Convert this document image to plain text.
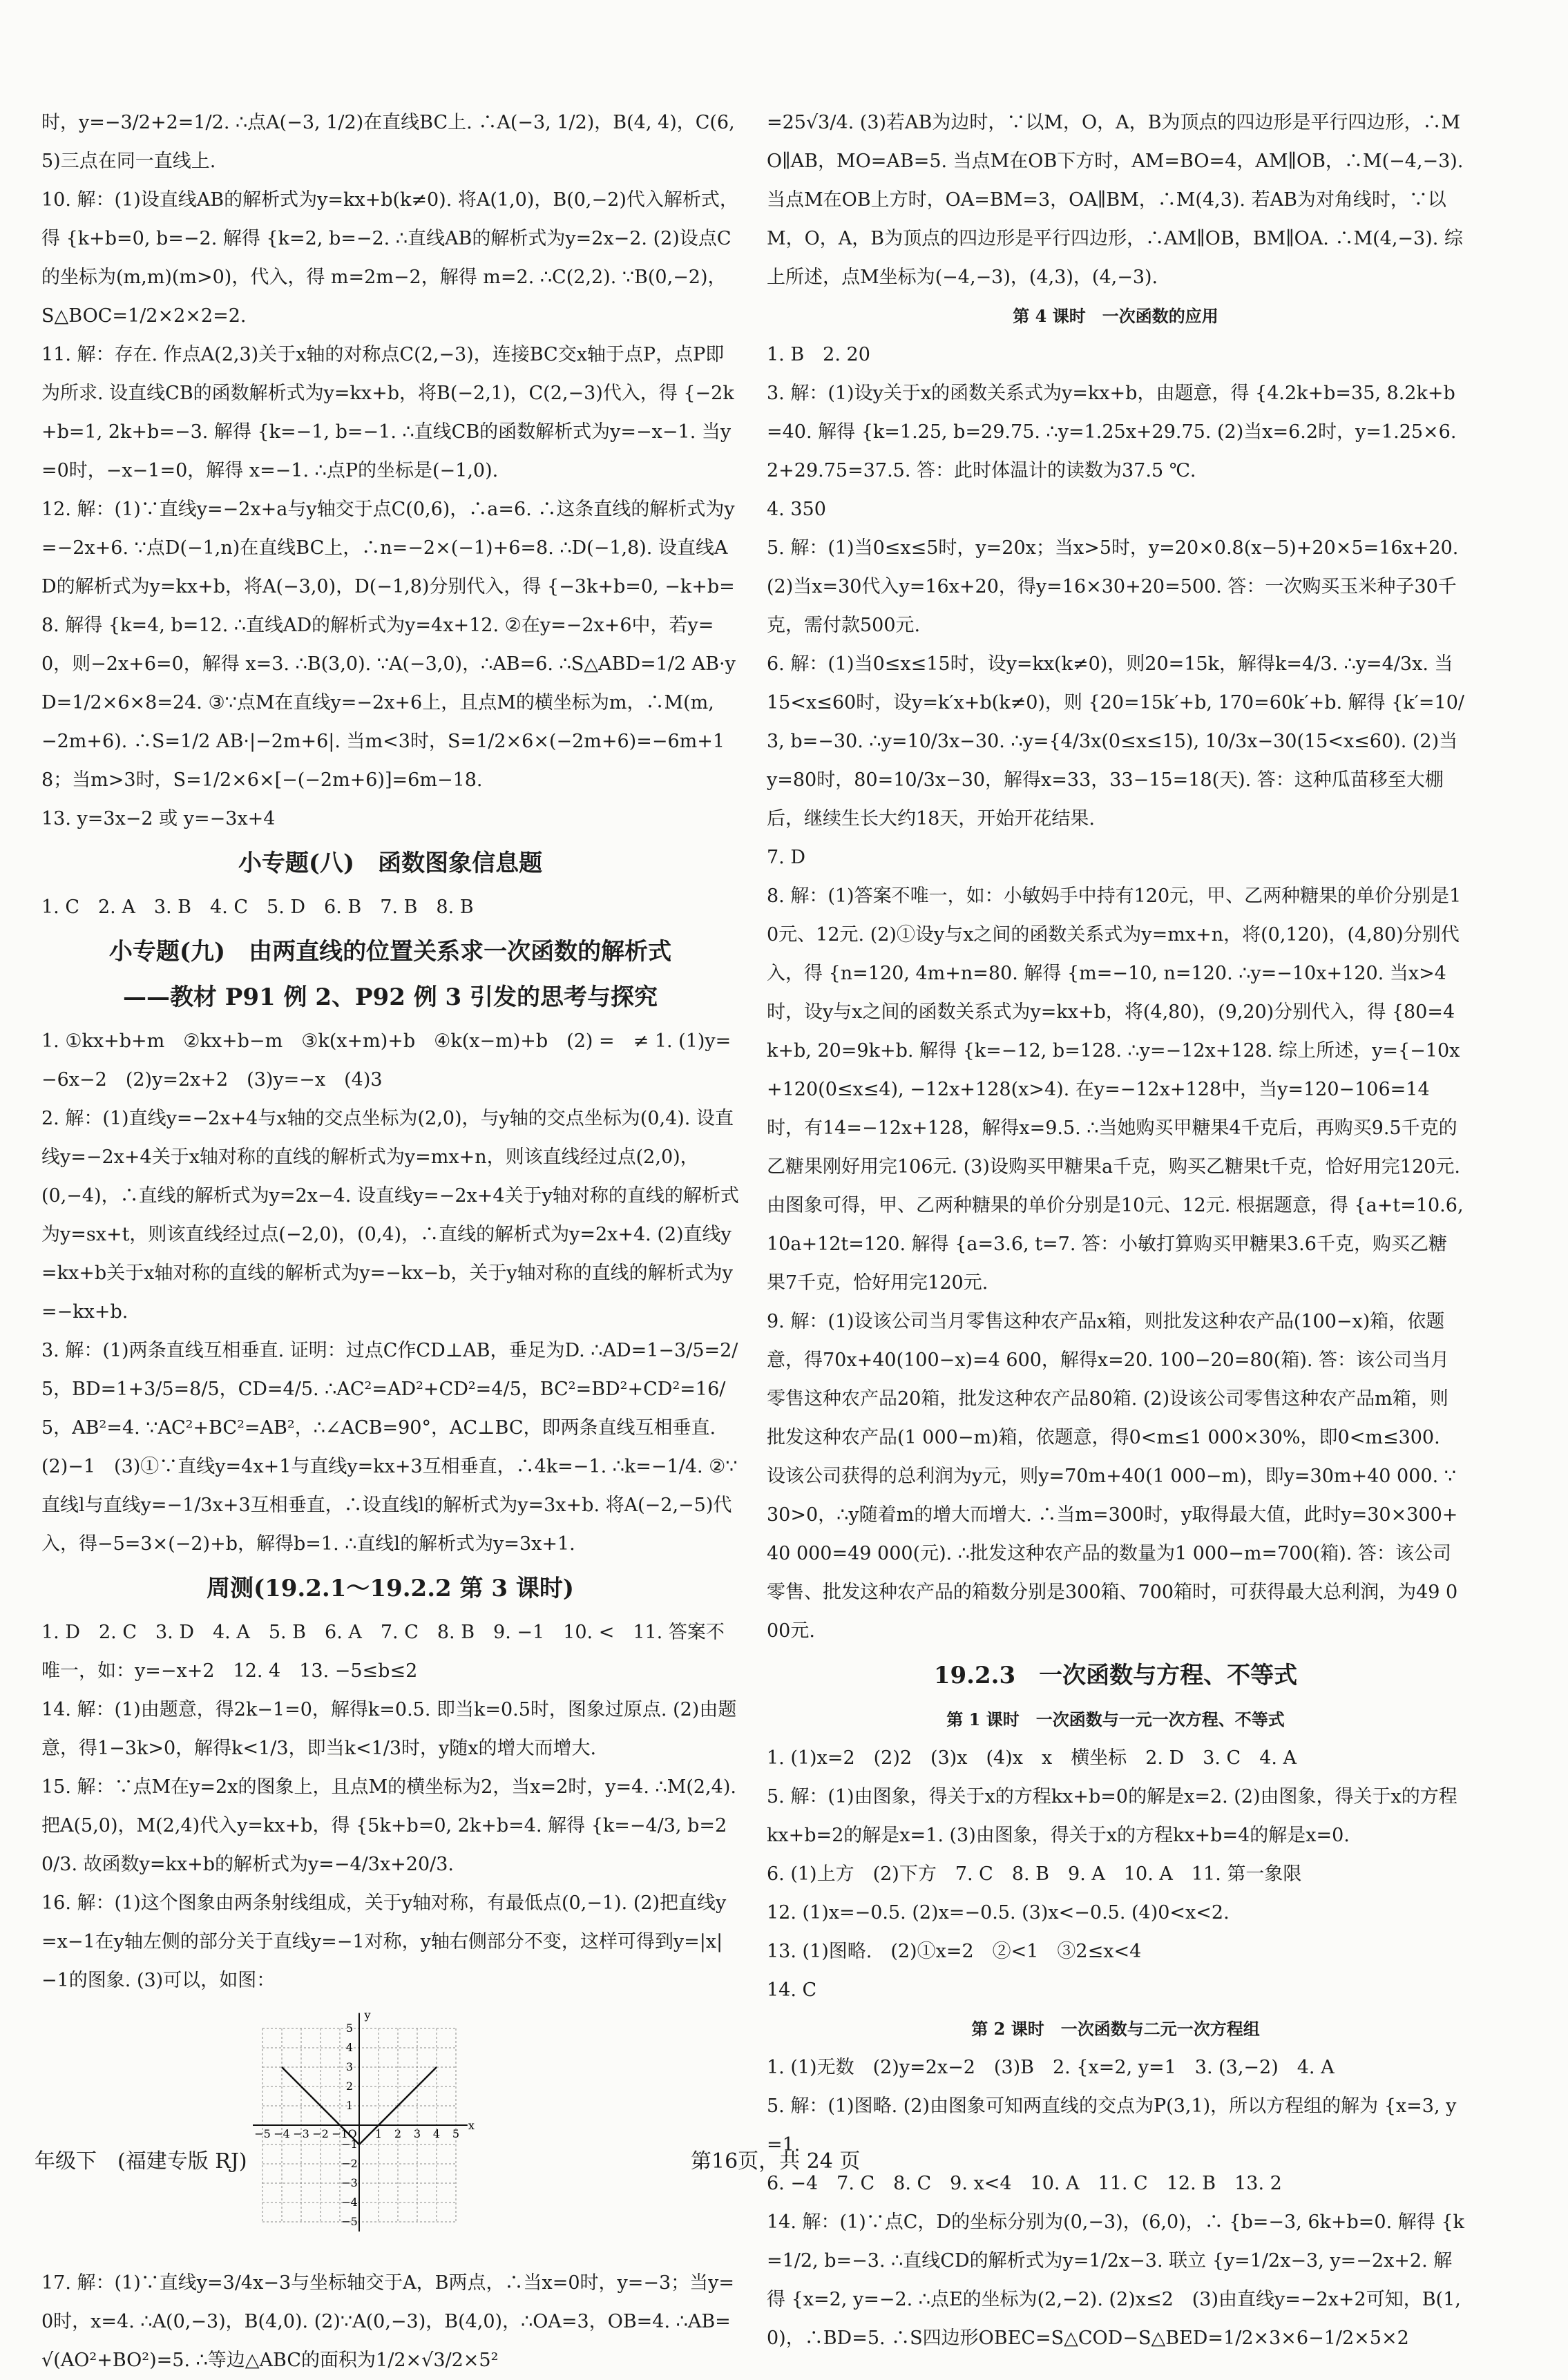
时，y=−3/2+2=1/2. ∴点A(−3, 1/2)在直线BC上. ∴A(−3, 1/2)，B(4, 4)，C(6,5)三点在同一直线上.
10. 解：(1)设直线AB的解析式为y=kx+b(k≠0). 将A(1,0)，B(0,−2)代入解析式，得 {k+b=0, b=−2. 解得 {k=2, b=−2. ∴直线AB的解析式为y=2x−2. (2)设点C的坐标为(m,m)(m>0)，代入，得 m=2m−2，解得 m=2. ∴C(2,2). ∵B(0,−2)，S△BOC=1/2×2×2=2.
11. 解：存在. 作点A(2,3)关于x轴的对称点C(2,−3)，连接BC交x轴于点P，点P即为所求. 设直线CB的函数解析式为y=kx+b，将B(−2,1)，C(2,−3)代入，得 {−2k+b=1, 2k+b=−3. 解得 {k=−1, b=−1. ∴直线CB的函数解析式为y=−x−1. 当y=0时，−x−1=0，解得 x=−1. ∴点P的坐标是(−1,0).
12. 解：(1)∵直线y=−2x+a与y轴交于点C(0,6)，∴a=6. ∴这条直线的解析式为y=−2x+6. ∵点D(−1,n)在直线BC上，∴n=−2×(−1)+6=8. ∴D(−1,8). 设直线AD的解析式为y=kx+b，将A(−3,0)，D(−1,8)分别代入，得 {−3k+b=0, −k+b=8. 解得 {k=4, b=12. ∴直线AD的解析式为y=4x+12. ②在y=−2x+6中，若y=0，则−2x+6=0，解得 x=3. ∴B(3,0). ∵A(−3,0)，∴AB=6. ∴S△ABD=1/2 AB·yD=1/2×6×8=24. ③∵点M在直线y=−2x+6上，且点M的横坐标为m，∴M(m,−2m+6). ∴S=1/2 AB·|−2m+6|. 当m<3时，S=1/2×6×(−2m+6)=−6m+18；当m>3时，S=1/2×6×[−(−2m+6)]=6m−18.
13. y=3x−2 或 y=−3x+4
小专题(八)　函数图象信息题
1. C　2. A　3. B　4. C　5. D　6. B　7. B　8. B
小专题(九)　由两直线的位置关系求一次函数的解析式
——教材 P91 例 2、P92 例 3 引发的思考与探究
1. ①kx+b+m　②kx+b−m　③k(x+m)+b　④k(x−m)+b　(2) =　≠ 1. (1)y=−6x−2　(2)y=2x+2　(3)y=−x　(4)3
2. 解：(1)直线y=−2x+4与x轴的交点坐标为(2,0)，与y轴的交点坐标为(0,4). 设直线y=−2x+4关于x轴对称的直线的解析式为y=mx+n，则该直线经过点(2,0)，(0,−4)，∴直线的解析式为y=2x−4. 设直线y=−2x+4关于y轴对称的直线的解析式为y=sx+t，则该直线经过点(−2,0)，(0,4)，∴直线的解析式为y=2x+4. (2)直线y=kx+b关于x轴对称的直线的解析式为y=−kx−b，关于y轴对称的直线的解析式为y=−kx+b.
3. 解：(1)两条直线互相垂直. 证明：过点C作CD⊥AB，垂足为D. ∴AD=1−3/5=2/5，BD=1+3/5=8/5，CD=4/5. ∴AC²=AD²+CD²=4/5，BC²=BD²+CD²=16/5，AB²=4. ∵AC²+BC²=AB²，∴∠ACB=90°，AC⊥BC，即两条直线互相垂直. (2)−1　(3)①∵直线y=4x+1与直线y=kx+3互相垂直，∴4k=−1. ∴k=−1/4. ②∵直线l与直线y=−1/3x+3互相垂直，∴设直线l的解析式为y=3x+b. 将A(−2,−5)代入，得−5=3×(−2)+b，解得b=1. ∴直线l的解析式为y=3x+1.
周测(19.2.1～19.2.2 第 3 课时)
1. D　2. C　3. D　4. A　5. B　6. A　7. C　8. B　9. −1　10. <　11. 答案不唯一，如：y=−x+2　12. 4　13. −5≤b≤2
14. 解：(1)由题意，得2k−1=0，解得k=0.5. 即当k=0.5时，图象过原点. (2)由题意，得1−3k>0，解得k<1/3，即当k<1/3时，y随x的增大而增大.
15. 解：∵点M在y=2x的图象上，且点M的横坐标为2，当x=2时，y=4. ∴M(2,4). 把A(5,0)，M(2,4)代入y=kx+b，得 {5k+b=0, 2k+b=4. 解得 {k=−4/3, b=20/3. 故函数y=kx+b的解析式为y=−4/3x+20/3.
16. 解：(1)这个图象由两条射线组成，关于y轴对称，有最低点(0,−1). (2)把直线y=x−1在y轴左侧的部分关于直线y=−1对称，y轴右侧部分不变，这样可得到y=|x|−1的图象. (3)可以，如图：
−5 −4 −3 −2 −1 O 1 2 3 4 5
5
4
3
2
1
−1
−2
−3
−4
−5
x
y
17. 解：(1)∵直线y=3/4x−3与坐标轴交于A，B两点，∴当x=0时，y=−3；当y=0时，x=4. ∴A(0,−3)，B(4,0). (2)∵A(0,−3)，B(4,0)，∴OA=3，OB=4. ∴AB=√(AO²+BO²)=5. ∴等边△ABC的面积为1/2×√3/2×5²
=25√3/4. (3)若AB为边时，∵以M，O，A，B为顶点的四边形是平行四边形，∴MO∥AB，MO=AB=5. 当点M在OB下方时，AM=BO=4，AM∥OB，∴M(−4,−3). 当点M在OB上方时，OA=BM=3，OA∥BM，∴M(4,3). 若AB为对角线时，∵以M，O，A，B为顶点的四边形是平行四边形，∴AM∥OB，BM∥OA. ∴M(4,−3). 综上所述，点M坐标为(−4,−3)，(4,3)，(4,−3).
第 4 课时　一次函数的应用
1. B　2. 20
3. 解：(1)设y关于x的函数关系式为y=kx+b，由题意，得 {4.2k+b=35, 8.2k+b=40. 解得 {k=1.25, b=29.75. ∴y=1.25x+29.75. (2)当x=6.2时，y=1.25×6.2+29.75=37.5. 答：此时体温计的读数为37.5 ℃.
4. 350
5. 解：(1)当0≤x≤5时，y=20x；当x>5时，y=20×0.8(x−5)+20×5=16x+20. (2)当x=30代入y=16x+20，得y=16×30+20=500. 答：一次购买玉米种子30千克，需付款500元.
6. 解：(1)当0≤x≤15时，设y=kx(k≠0)，则20=15k，解得k=4/3. ∴y=4/3x. 当15<x≤60时，设y=k′x+b(k≠0)，则 {20=15k′+b, 170=60k′+b. 解得 {k′=10/3, b=−30. ∴y=10/3x−30. ∴y={4/3x(0≤x≤15), 10/3x−30(15<x≤60). (2)当y=80时，80=10/3x−30，解得x=33，33−15=18(天). 答：这种瓜苗移至大棚后，继续生长大约18天，开始开花结果.
7. D
8. 解：(1)答案不唯一，如：小敏妈手中持有120元，甲、乙两种糖果的单价分别是10元、12元. (2)①设y与x之间的函数关系式为y=mx+n，将(0,120)，(4,80)分别代入，得 {n=120, 4m+n=80. 解得 {m=−10, n=120. ∴y=−10x+120. 当x>4时，设y与x之间的函数关系式为y=kx+b，将(4,80)，(9,20)分别代入，得 {80=4k+b, 20=9k+b. 解得 {k=−12, b=128. ∴y=−12x+128. 综上所述，y={−10x+120(0≤x≤4), −12x+128(x>4). 在y=−12x+128中，当y=120−106=14时，有14=−12x+128，解得x=9.5. ∴当她购买甲糖果4千克后，再购买9.5千克的乙糖果刚好用完106元. (3)设购买甲糖果a千克，购买乙糖果t千克，恰好用完120元. 由图象可得，甲、乙两种糖果的单价分别是10元、12元. 根据题意，得 {a+t=10.6, 10a+12t=120. 解得 {a=3.6, t=7. 答：小敏打算购买甲糖果3.6千克，购买乙糖果7千克，恰好用完120元.
9. 解：(1)设该公司当月零售这种农产品x箱，则批发这种农产品(100−x)箱，依题意，得70x+40(100−x)=4 600，解得x=20. 100−20=80(箱). 答：该公司当月零售这种农产品20箱，批发这种农产品80箱. (2)设该公司零售这种农产品m箱，则批发这种农产品(1 000−m)箱，依题意，得0<m≤1 000×30%，即0<m≤300. 设该公司获得的总利润为y元，则y=70m+40(1 000−m)，即y=30m+40 000. ∵30>0，∴y随着m的增大而增大. ∴当m=300时，y取得最大值，此时y=30×300+40 000=49 000(元). ∴批发这种农产品的数量为1 000−m=700(箱). 答：该公司零售、批发这种农产品的箱数分别是300箱、700箱时，可获得最大总利润，为49 000元.
19.2.3　一次函数与方程、不等式
第 1 课时　一次函数与一元一次方程、不等式
1. (1)x=2　(2)2　(3)x　(4)x　x　横坐标　2. D　3. C　4. A
5. 解：(1)由图象，得关于x的方程kx+b=0的解是x=2. (2)由图象，得关于x的方程kx+b=2的解是x=1. (3)由图象，得关于x的方程kx+b=4的解是x=0.
6. (1)上方　(2)下方　7. C　8. B　9. A　10. A　11. 第一象限
12. (1)x=−0.5. (2)x=−0.5. (3)x<−0.5. (4)0<x<2.
13. (1)图略.　(2)①x=2　②<1　③2≤x<4
14. C
第 2 课时　一次函数与二元一次方程组
1. (1)无数　(2)y=2x−2　(3)B　2. {x=2, y=1　3. (3,−2)　4. A
5. 解：(1)图略. (2)由图象可知两直线的交点为P(3,1)，所以方程组的解为 {x=3, y=1.
6. −4　7. C　8. C　9. x<4　10. A　11. C　12. B　13. 2
14. 解：(1)∵点C，D的坐标分别为(0,−3)，(6,0)，∴ {b=−3, 6k+b=0. 解得 {k=1/2, b=−3. ∴直线CD的解析式为y=1/2x−3. 联立 {y=1/2x−3, y=−2x+2. 解得 {x=2, y=−2. ∴点E的坐标为(2,−2). (2)x≤2　(3)由直线y=−2x+2可知，B(1,0)，∴BD=5. ∴S四边形OBEC=S△COD−S△BED=1/2×3×6−1/2×5×2
年级下　(福建专版 RJ)	第16页，共 24 页
